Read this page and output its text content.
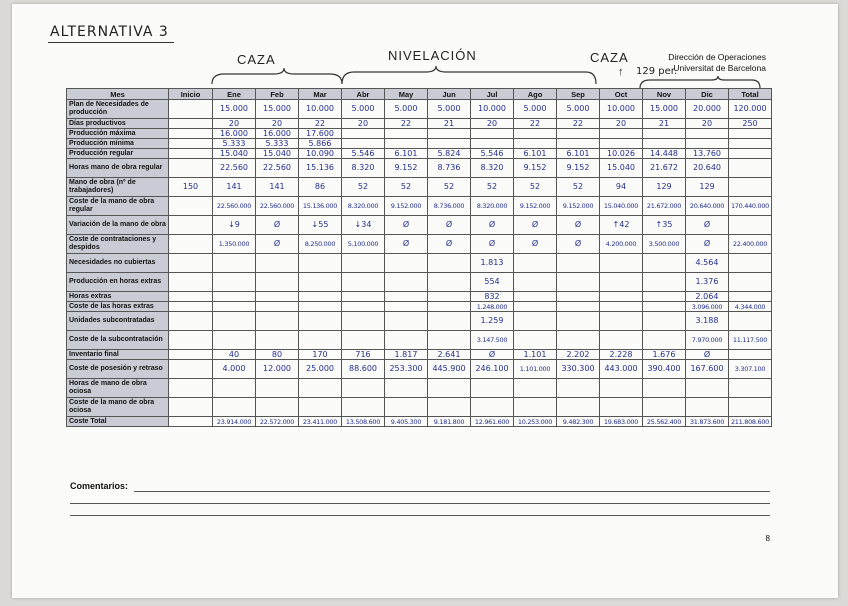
ALTERNATIVA 3
CAZA	NIVELACIÓN	CAZA
↑ 129 per.
Dirección de Operaciones
Universitat de Barcelona
Mes	Inicio	Ene	Feb	Mar	Abr	May	Jun	Jul	Ago	Sep	Oct	Nov	Dic	Total
Plan de Necesidades de producción		15.000	15.000	10.000	5.000	5.000	5.000	10.000	5.000	5.000	10.000	15.000	20.000	120.000
Días productivos		20	20	22	20	22	21	20	22	22	20	21	20	250
Producción máxima		16.000	16.000	17.600										
Producción mínima		5.333	5.333	5.866										
Producción regular		15.040	15.040	10.090	5.546	6.101	5.824	5.546	6.101	6.101	10.026	14.448	13.760	
Horas mano de obra regular		22.560	22.560	15.136	8.320	9.152	8.736	8.320	9.152	9.152	15.040	21.672	20.640	
Mano de obra (nº de trabajadores)	150	141	141	86	52	52	52	52	52	52	94	129	129	
Coste de la mano de obra regular		22.560.000	22.560.000	15.136.000	8.320.000	9.152.000	8.736.000	8.320.000	9.152.000	9.152.000	15.040.000	21.672.000	20.640.000	170.440.000
Variación de la mano de obra		↓9	Ø	↓55	↓34	Ø	Ø	Ø	Ø	Ø	↑42	↑35	Ø	
Coste de contrataciones y despidos		1.350.000	Ø	8.250.000	5.100.000	Ø	Ø	Ø	Ø	Ø	4.200.000	3.500.000	Ø	22.400.000
Necesidades no cubiertas								1.813					4.564	
Producción en horas extras								554					1.376	
Horas extras								832					2.064	
Coste de las horas extras								1.248.000					3.096.000	4.344.000
Unidades subcontratadas								1.259					3.188	
Coste de la subcontratación								3.147.500					7.970.000	11.117.500
Inventario final		40	80	170	716	1.817	2.641	Ø	1.101	2.202	2.228	1.676	Ø	
Coste de posesión y retraso		4.000	12.000	25.000	88.600	253.300	445.900	246.100	1.101.000	330.300	443.000	390.400	167.600	3.307.100
Horas de mano de obra ociosa														
Coste de la mano de obra ociosa														
Coste Total		23.914.000	22.572.000	23.411.000	13.508.600	9.405.300	9.181.800	12.961.600	10.253.000	9.482.300	19.683.000	25.562.400	31.873.600	211.808.600
Comentarios:
8
